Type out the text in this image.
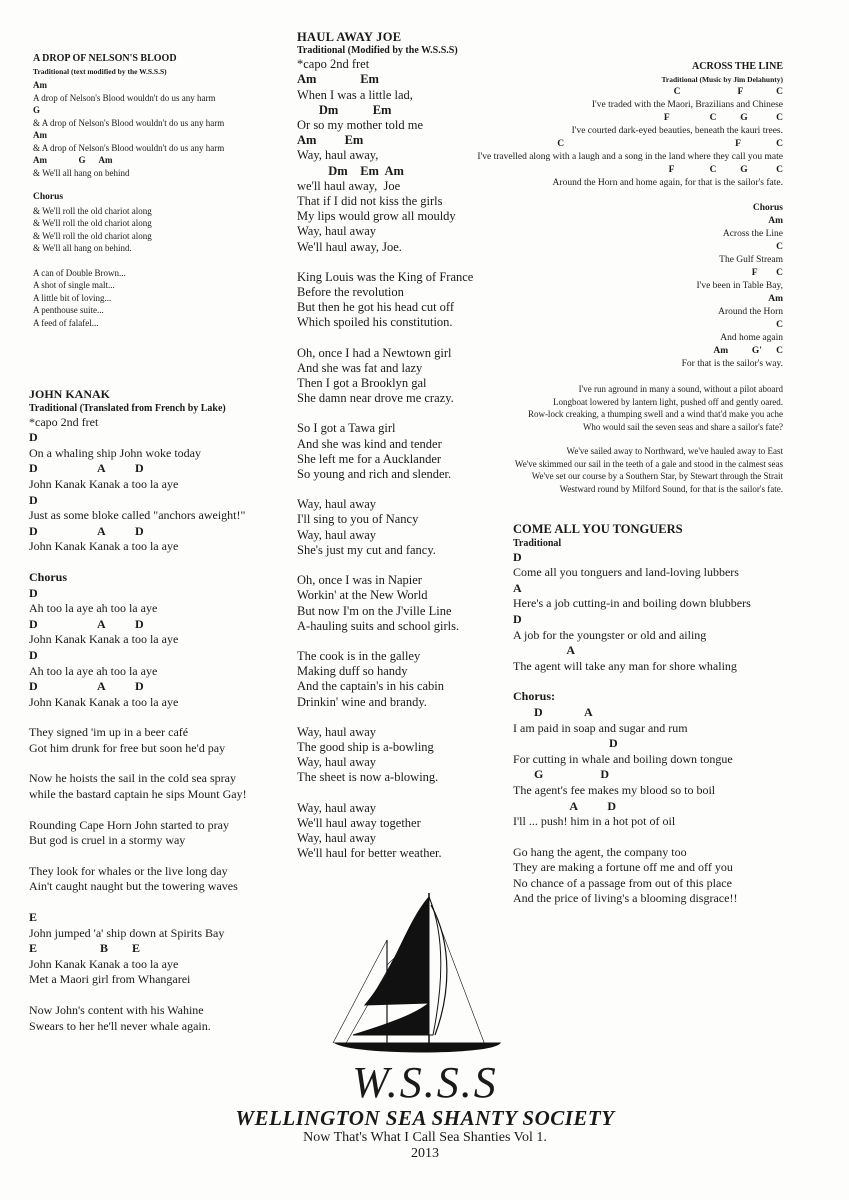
A DROP OF NELSON'S BLOOD
Traditional (text modified by the W.S.S.S)
Am
A drop of Nelson's Blood wouldn't do us any harm
G
& A drop of Nelson's Blood wouldn't do us any harm
Am
& A drop of Nelson's Blood wouldn't do us any harm
Am              G      Am
& We'll all hang on behind
Chorus
& We'll roll the old chariot along
& We'll roll the old chariot along
& We'll roll the old chariot along
& We'll all hang on behind.
A can of Double Brown...
A shot of single malt...
A little bit of loving...
A penthouse suite...
A feed of falafel...
HAUL AWAY JOE
Traditional (Modified by the W.S.S.S)
*capo 2nd fret
Am              Em
When I was a little lad,
Dm           Em
Or so my mother told me
Am         Em
Way, haul away,
Dm    Em  Am
we'll haul away,  Joe
That if I did not kiss the girls
My lips would grow all mouldy
Way, haul away
We'll haul away, Joe.
King Louis was the King of France
Before the revolution
But then he got his head cut off
Which spoiled his constitution.
Oh, once I had a Newtown girl
And she was fat and lazy
Then I got a Brooklyn gal
She damn near drove me crazy.
So I got a Tawa girl
And she was kind and tender
She left me for a Aucklander
So young and rich and slender.
Way, haul away
I'll sing to you of Nancy
Way, haul away
She's just my cut and fancy.
Oh, once I was in Napier
Workin' at the New World
But now I'm on the J'ville Line
A-hauling suits and school girls.
The cook is in the galley
Making duff so handy
And the captain's in his cabin
Drinkin' wine and brandy.
Way, haul away
The good ship is a-bowling
Way, haul away
The sheet is now a-blowing.
Way, haul away
We'll haul away together
Way, haul away
We'll haul for better weather.
JOHN KANAK
Traditional (Translated from French by Lake)
*capo 2nd fret
D
On a whaling ship John woke today
D                    A          D
John Kanak Kanak a too la aye
D
Just as some bloke called "anchors aweight!"
D                    A          D
John Kanak Kanak a too la aye
Chorus
D
Ah too la aye ah too la aye
D                    A          D
John Kanak Kanak a too la aye
D
Ah too la aye ah too la aye
D                    A          D
John Kanak Kanak a too la aye
They signed 'im up in a beer café
Got him drunk for free but soon he'd pay
Now he hoists the sail in the cold sea spray
while the bastard captain he sips Mount Gay!
Rounding Cape Horn John started to pray
But god is cruel in a stormy way
They look for whales or the live long day
Ain't caught naught but the towering waves
E
John jumped 'a' ship down at Spirits Bay
E                     B        E
John Kanak Kanak a too la aye
Met a Maori girl from Whangarei
Now John's content with his Wahine
Swears to her he'll never whale again.
ACROSS THE LINE
Traditional (Music by Jim Delahunty)
C                        F              C
I've traded with the Maori, Brazilians and Chinese
F                 C          G            C
I've courted dark-eyed beauties, beneath the kauri trees.
C                                                                        F               C
I've travelled along with a laugh and a song in the land where they call you mate
F               C          G            C
Around the Horn and home again, for that is the sailor's fate.
Chorus
Am
Across the Line
C
The Gulf Stream
F        C
I've been in Table Bay,
Am
Around the Horn
C
And home again
Am          G'      C
For that is the sailor's way.
I've run aground in many a sound, without a pilot aboard
Longboat lowered by lantern light, pushed off and gently oared.
Row-lock creaking, a thumping swell and a wind that'd make you ache
Who would sail the seven seas and share a sailor's fate?
We've sailed away to Northward, we've hauled away to East
We've skimmed our sail in the teeth of a gale and stood in the calmest seas
We've set our course by a Southern Star, by Stewart through the Strait
Westward round by Milford Sound, for that is the sailor's fate.
COME ALL YOU TONGUERS
Traditional
D
Come all you tonguers and land-loving lubbers
A
Here's a job cutting-in and boiling down blubbers
D
A job for the youngster or old and ailing
A
The agent will take any man for shore whaling
Chorus:
D              A
I am paid in soap and sugar and rum
D
For cutting in whale and boiling down tongue
G                   D
The agent's fee makes my blood so to boil
A          D
I'll ... push! him in a hot pot of oil
Go hang the agent, the company too
They are making a fortune off me and off you
No chance of a passage from out of this place
And the price of living's a blooming disgrace!!
W.S.S.S
WELLINGTON SEA SHANTY SOCIETY
Now That's What I Call Sea Shanties Vol 1.
2013
